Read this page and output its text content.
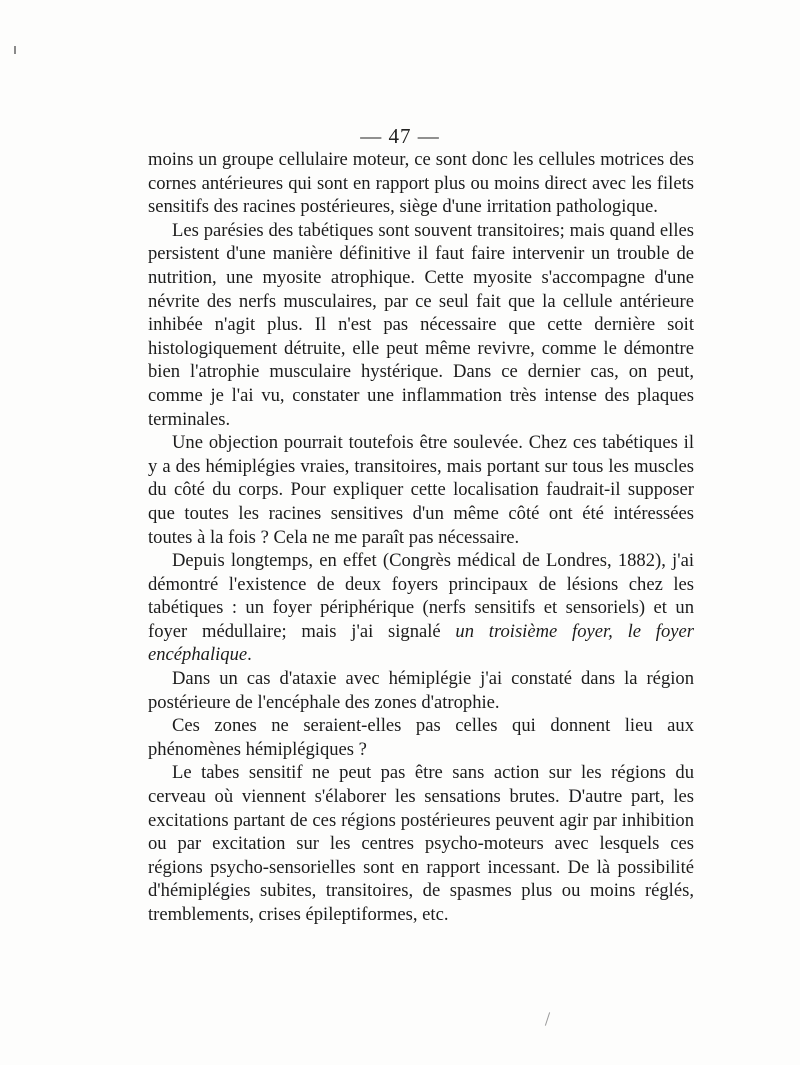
— 47 —

moins un groupe cellulaire moteur, ce sont donc les cellules motrices des cornes antérieures qui sont en rapport plus ou moins direct avec les filets sensitifs des racines postérieures, siège d'une irritation pathologique.

Les parésies des tabétiques sont souvent transitoires; mais quand elles persistent d'une manière définitive il faut faire intervenir un trouble de nutrition, une myosite atrophique. Cette myosite s'accompagne d'une névrite des nerfs musculaires, par ce seul fait que la cellule antérieure inhibée n'agit plus. Il n'est pas nécessaire que cette dernière soit histologiquement détruite, elle peut même revivre, comme le démontre bien l'atrophie musculaire hystérique. Dans ce dernier cas, on peut, comme je l'ai vu, constater une inflammation très intense des plaques terminales.

Une objection pourrait toutefois être soulevée. Chez ces tabétiques il y a des hémiplégies vraies, transitoires, mais portant sur tous les muscles du côté du corps. Pour expliquer cette localisation faudrait-il supposer que toutes les racines sensitives d'un même côté ont été intéressées toutes à la fois ? Cela ne me paraît pas nécessaire.

Depuis longtemps, en effet (Congrès médical de Londres, 1882), j'ai démontré l'existence de deux foyers principaux de lésions chez les tabétiques : un foyer périphérique (nerfs sensitifs et sensoriels) et un foyer médullaire; mais j'ai signalé un troisième foyer, le foyer encéphalique.

Dans un cas d'ataxie avec hémiplégie j'ai constaté dans la région postérieure de l'encéphale des zones d'atrophie.

Ces zones ne seraient-elles pas celles qui donnent lieu aux phénomènes hémiplégiques ?

Le tabes sensitif ne peut pas être sans action sur les régions du cerveau où viennent s'élaborer les sensations brutes. D'autre part, les excitations partant de ces régions postérieures peuvent agir par inhibition ou par excitation sur les centres psycho-moteurs avec lesquels ces régions psycho-sensorielles sont en rapport incessant. De là possibilité d'hémiplégies subites, transitoires, de spasmes plus ou moins réglés, tremblements, crises épileptiformes, etc.
